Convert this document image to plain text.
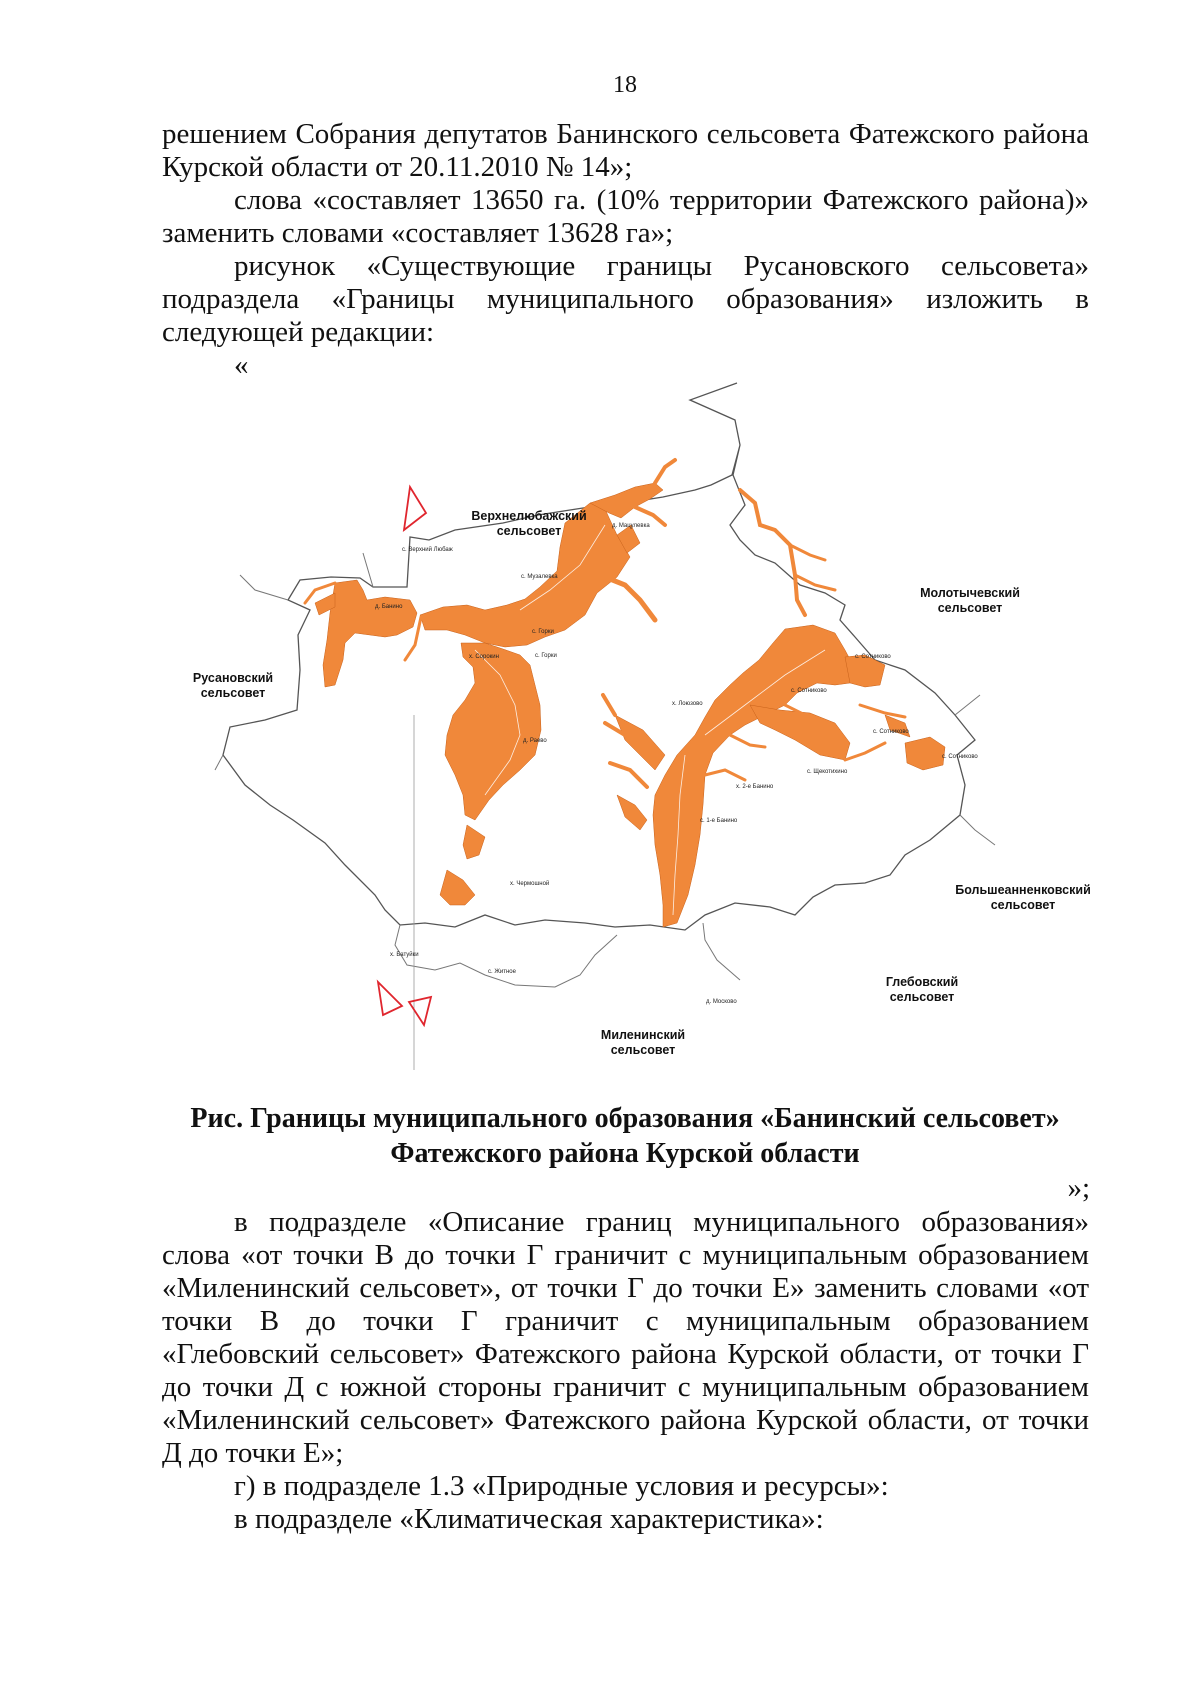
18

решением Собрания депутатов Банинского сельсовета Фатежского района Курской области от 20.11.2010 № 14»;

слова «составляет 13650 га. (10% территории Фатежского района)» заменить словами «составляет 13628 га»;

рисунок «Существующие границы Русановского сельсовета» подраздела «Границы муниципального образования» изложить в следующей редакции:

«

Верхнелюбажский
сельсовет
Молотычевский
сельсовет
Русановский
сельсовет
Большеанненковский
сельсовет
Глебовский
сельсовет
Миленинский
сельсовет
с. Верхний Любаж
д. Мацулевка
с. Музалевка
д. Банино
с. Горки
х. Сорокин	с. Горки
д. Раево
х. Чермошной
х. Батуйки
с. Житное
с. Сотниково
с. Сотниково
х. Лоюзово
с. Сотниково
с. Щекотихино
х. 2-е Банино
с. Сотниково
с. 1-е Банино
д. Москово
Рис. Границы муниципального образования «Банинский сельсовет»
Фатежского района Курской области
»;

в подразделе «Описание границ муниципального образования» слова «от точки В до точки Г граничит с муниципальным образованием «Миленинский сельсовет», от точки Г до точки Е» заменить словами «от точки В до точки Г граничит с муниципальным образованием «Глебовский сельсовет» Фатежского района Курской области, от точки Г до точки Д с южной стороны граничит с муниципальным образованием «Миленинский сельсовет» Фатежского района Курской области, от точки Д до точки Е»;

г) в подразделе 1.3 «Природные условия и ресурсы»:

в подразделе «Климатическая характеристика»:
